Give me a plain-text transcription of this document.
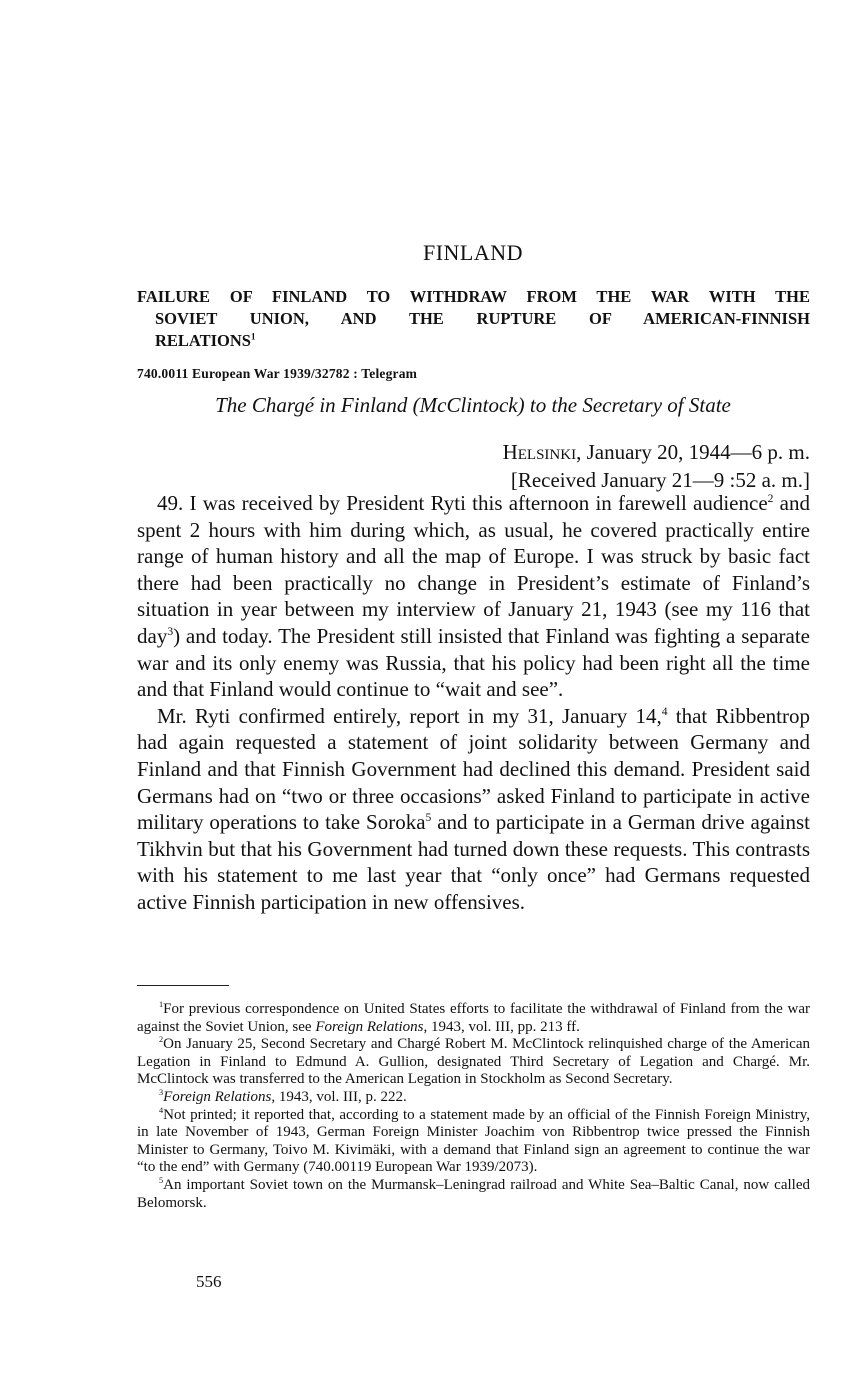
FINLAND
FAILURE OF FINLAND TO WITHDRAW FROM THE WAR WITH THE
SOVIET UNION, AND THE RUPTURE OF AMERICAN-FINNISH
RELATIONS$^1$
740.0011 European War 1939/32782 : Telegram
The Chargé in Finland (McClintock) to the Secretary of State
Helsinki, January 20, 1944—6 p. m.
[Received January 21—9 :52 a. m.]

49. I was received by President Ryti this afternoon in farewell audience$^2$ and spent 2 hours with him during which, as usual, he covered practically entire range of human history and all the map of Europe. I was struck by basic fact there had been practically no change in President’s estimate of Finland’s situation in year between my interview of January 21, 1943 (see my 116 that day$^3$) and today. The President still insisted that Finland was fighting a separate war and its only enemy was Russia, that his policy had been right all the time and that Finland would continue to “wait and see”.

Mr. Ryti confirmed entirely, report in my 31, January 14,$^4$ that Ribbentrop had again requested a statement of joint solidarity between Germany and Finland and that Finnish Government had declined this demand. President said Germans had on “two or three occasions” asked Finland to participate in active military operations to take Soroka$^5$ and to participate in a German drive against Tikhvin but that his Government had turned down these requests. This contrasts with his statement to me last year that “only once” had Germans requested active Finnish participation in new offensives.

$^1$For previous correspondence on United States efforts to facilitate the withdrawal of Finland from the war against the Soviet Union, see Foreign Relations, 1943, vol. III, pp. 213 ff.

$^2$On January 25, Second Secretary and Chargé Robert M. McClintock relinquished charge of the American Legation in Finland to Edmund A. Gullion, designated Third Secretary of Legation and Chargé. Mr. McClintock was transferred to the American Legation in Stockholm as Second Secretary.

$^3$Foreign Relations, 1943, vol. III, p. 222.

$^4$Not printed; it reported that, according to a statement made by an official of the Finnish Foreign Ministry, in late November of 1943, German Foreign Minister Joachim von Ribbentrop twice pressed the Finnish Minister to Germany, Toivo M. Kivimäki, with a demand that Finland sign an agreement to continue the war “to the end” with Germany (740.00119 European War 1939/2073).

$^5$An important Soviet town on the Murmansk–Leningrad railroad and White Sea–Baltic Canal, now called Belomorsk.

556
